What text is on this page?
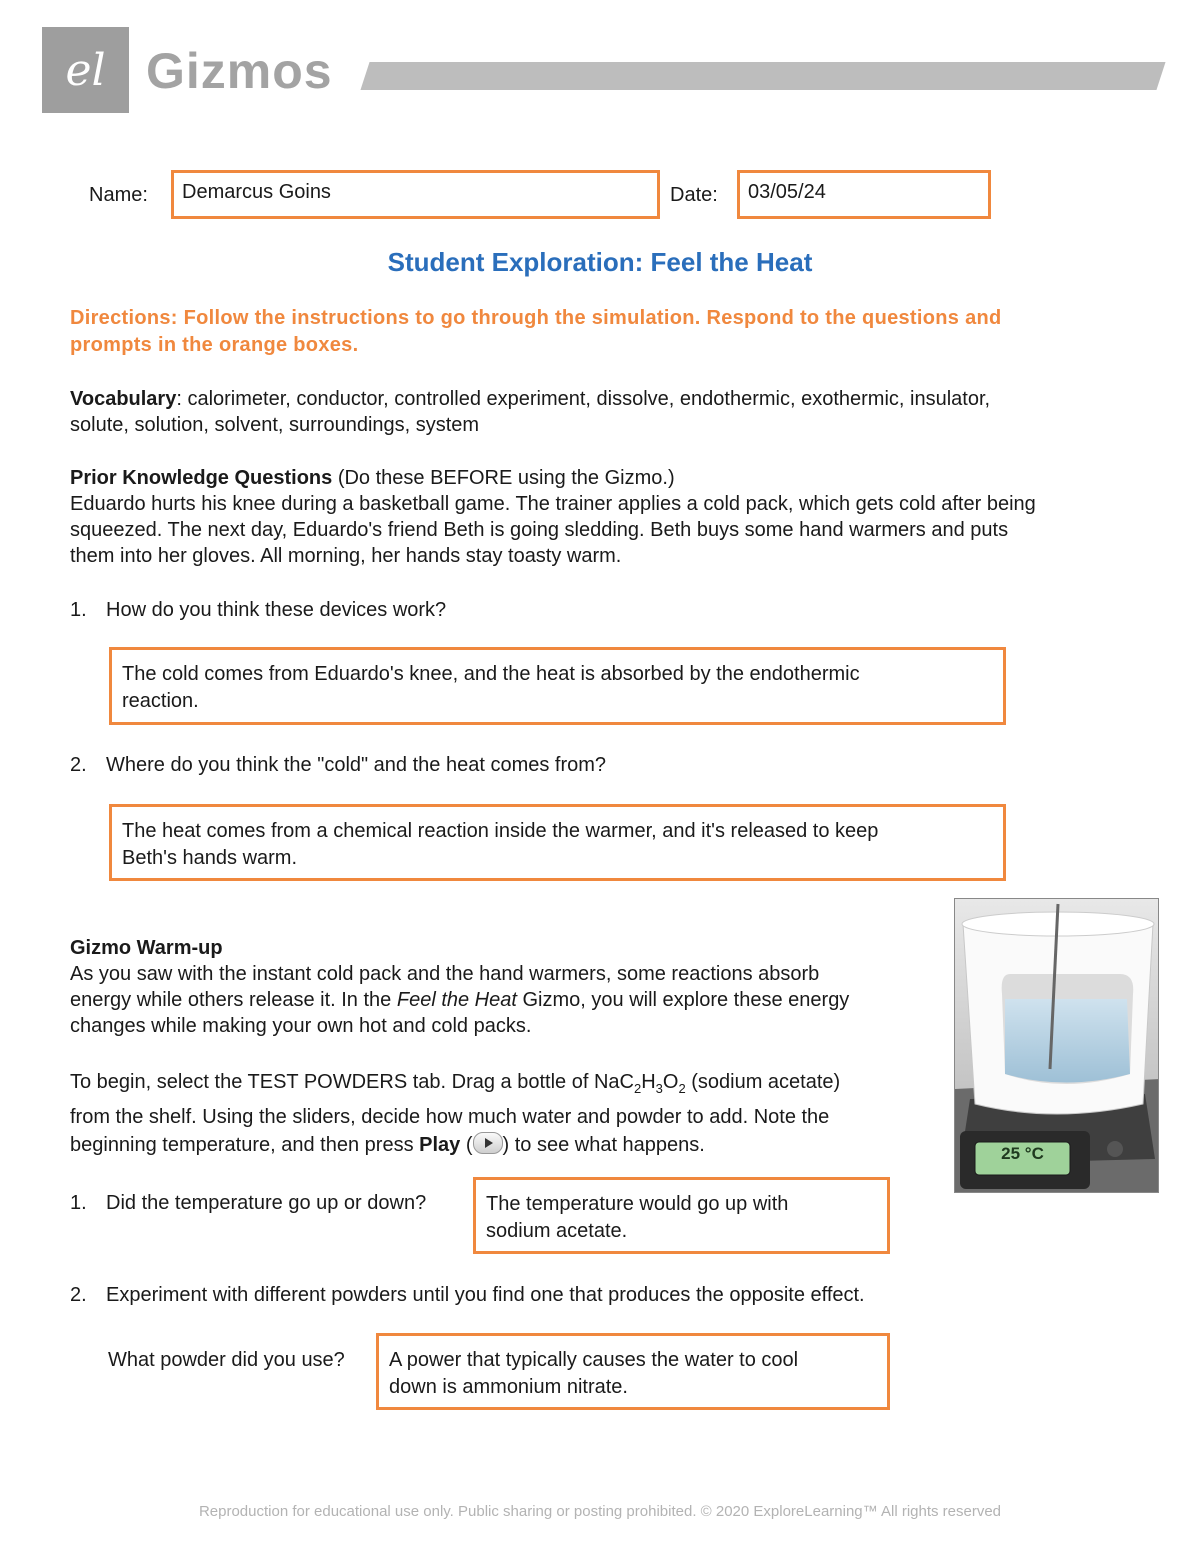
el Gizmos
Name:	Demarcus Goins	Date:	03/05/24
Student Exploration: Feel the Heat
Directions: Follow the instructions to go through the simulation. Respond to the questions and
prompts in the orange boxes.
Vocabulary: calorimeter, conductor, controlled experiment, dissolve, endothermic, exothermic, insulator,
solute, solution, solvent, surroundings, system
Prior Knowledge Questions (Do these BEFORE using the Gizmo.)
Eduardo hurts his knee during a basketball game. The trainer applies a cold pack, which gets cold after being
squeezed. The next day, Eduardo's friend Beth is going sledding. Beth buys some hand warmers and puts
them into her gloves. All morning, her hands stay toasty warm.
1. How do you think these devices work?
The cold comes from Eduardo's knee, and the heat is absorbed by the endothermic
reaction.
2. Where do you think the "cold" and the heat comes from?
The heat comes from a chemical reaction inside the warmer, and it's released to keep
Beth's hands warm.
Gizmo Warm-up
As you saw with the instant cold pack and the hand warmers, some reactions absorb
energy while others release it. In the Feel the Heat Gizmo, you will explore these energy
changes while making your own hot and cold packs.
To begin, select the TEST POWDERS tab. Drag a bottle of $NaC_2H_3O_2$ (sodium acetate)
from the shelf. Using the sliders, decide how much water and powder to add. Note the
beginning temperature, and then press Play ( ) to see what happens.
1. Did the temperature go up or down?	The temperature would go up with
sodium acetate.
2. Experiment with different powders until you find one that produces the opposite effect.
What powder did you use? A power that typically causes the water to cool
down is ammonium nitrate.
25 °C
Reproduction for educational use only. Public sharing or posting prohibited. © 2020 ExploreLearning™ All rights reserved
